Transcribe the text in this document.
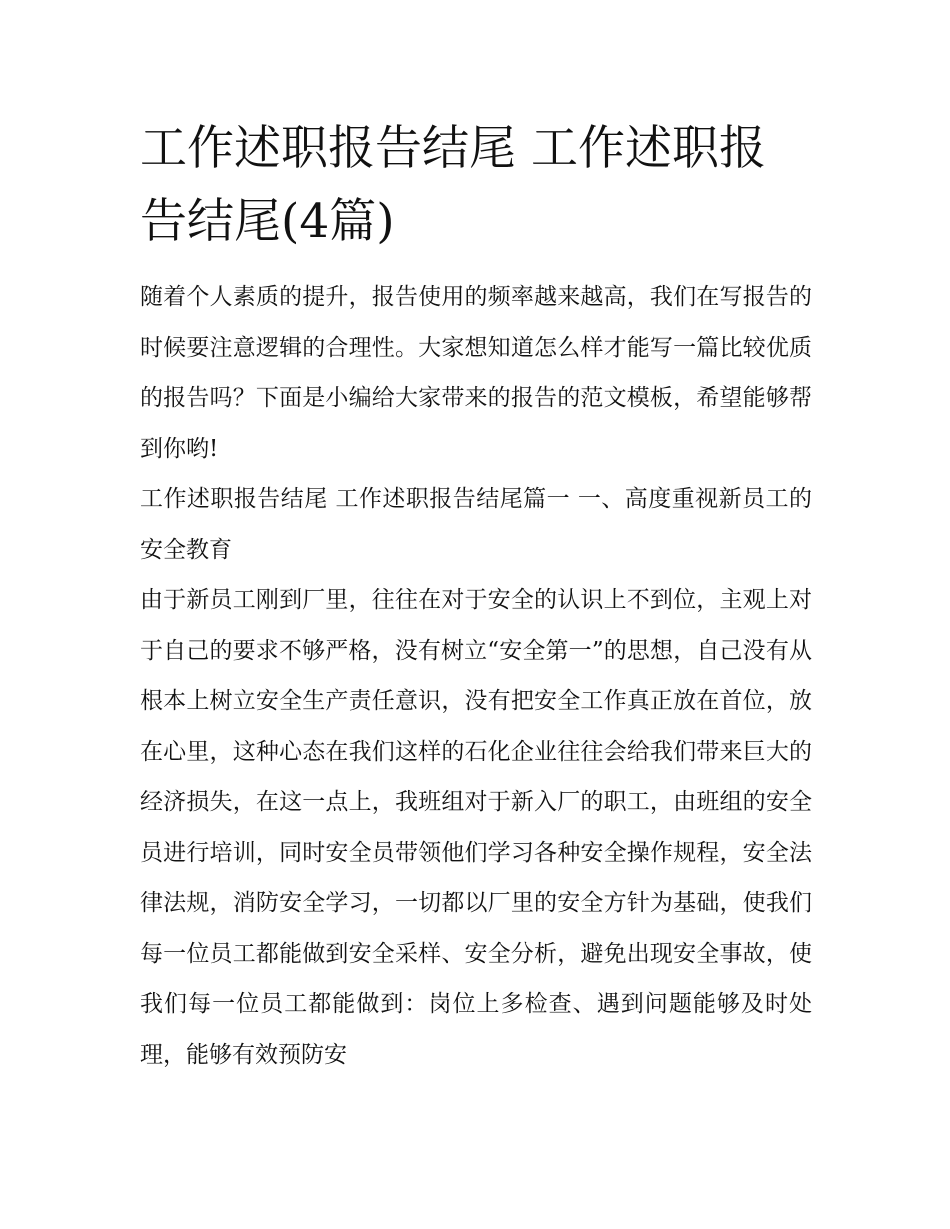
工作述职报告结尾 工作述职报告结尾(4篇)

随着个人素质的提升，报告使用的频率越来越高，我们在写报告的时候要注意逻辑的合理性。大家想知道怎么样才能写一篇比较优质的报告吗？下面是小编给大家带来的报告的范文模板，希望能够帮到你哟!

工作述职报告结尾 工作述职报告结尾篇一 一、高度重视新员工的安全教育

由于新员工刚到厂里，往往在对于安全的认识上不到位，主观上对于自己的要求不够严格，没有树立“安全第一”的思想，自己没有从根本上树立安全生产责任意识，没有把安全工作真正放在首位，放在心里，这种心态在我们这样的石化企业往往会给我们带来巨大的经济损失，在这一点上，我班组对于新入厂的职工，由班组的安全员进行培训，同时安全员带领他们学习各种安全操作规程，安全法律法规，消防安全学习，一切都以厂里的安全方针为基础，使我们每一位员工都能做到安全采样、安全分析，避免出现安全事故，使我们每一位员工都能做到：岗位上多检查、遇到问题能够及时处理，能够有效预防安
